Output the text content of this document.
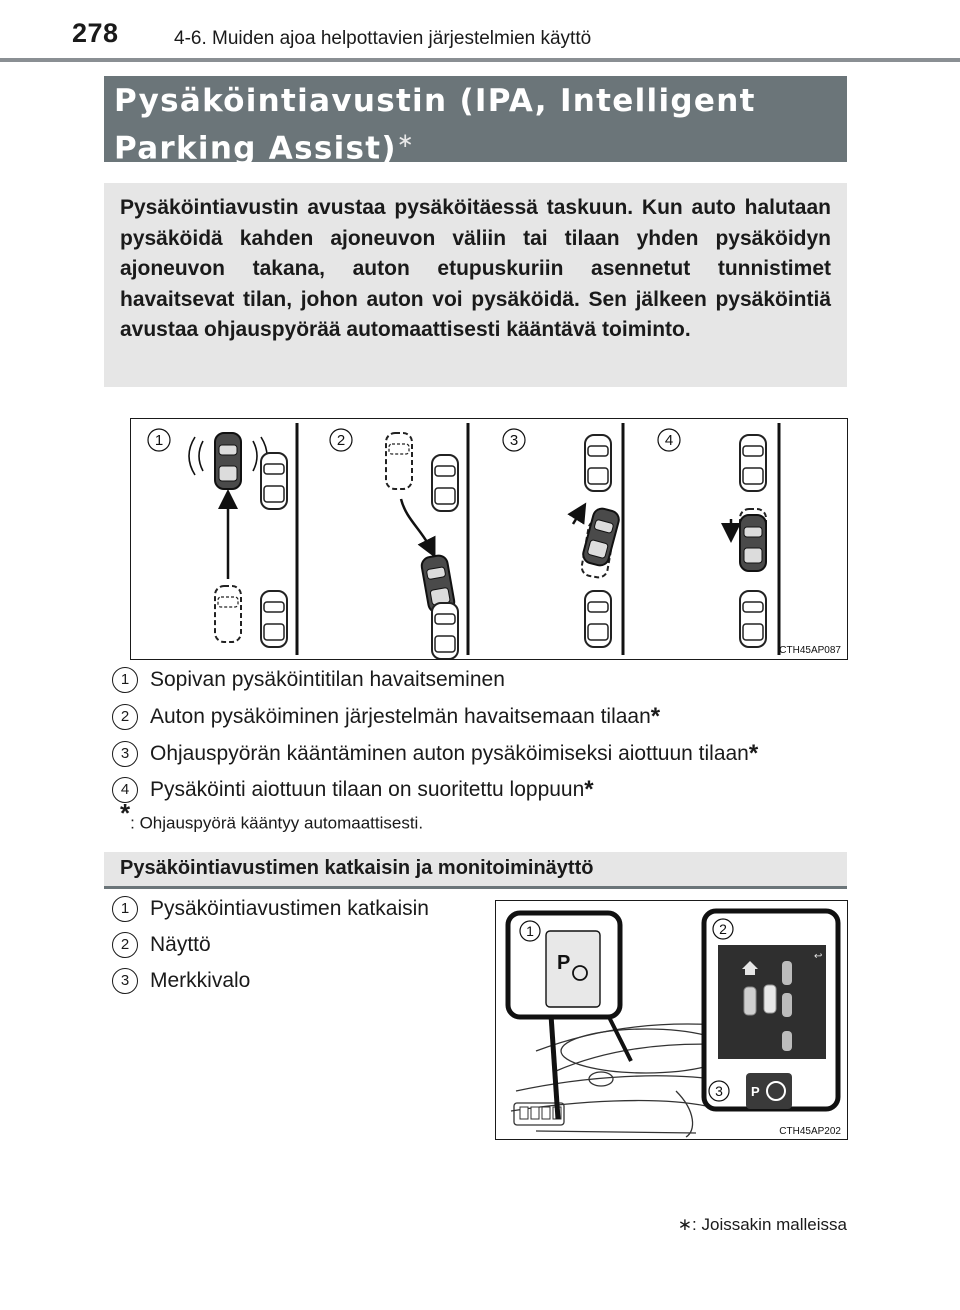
278	4-6. Muiden ajoa helpottavien järjestelmien käyttö
Pysäköintiavustin (IPA, Intelligent Parking Assist)∗
Pysäköintiavustin avustaa pysäköitäessä taskuun. Kun auto halutaan pysäköidä kahden ajoneuvon väliin tai tilaan yhden pysäköidyn ajoneuvon takana, auton etupuskuriin asennetut tunnistimet havaitsevat tilan, johon auton voi pysäköidä. Sen jälkeen pysäköintiä avustaa ohjauspyörää automaattisesti kääntävä toiminto.
1	2	3	4
CTH45AP087
1 Sopivan pysäköintitilan havaitseminen
2 Auton pysäköiminen järjestelmän havaitsemaan tilaan *
3 Ohjauspyörän kääntäminen auton pysäköimiseksi aiottuun tilaan *
4 Pysäköinti aiottuun tilaan on suoritettu loppuun *
*: Ohjauspyörä kääntyy automaattisesti.
Pysäköintiavustimen katkaisin ja monitoiminäyttö
1 Pysäköintiavustimen katkaisin
2 Näyttö
3 Merkkivalo
1
P
2
↩
3 P
CTH45AP202
∗: Joissakin malleissa
